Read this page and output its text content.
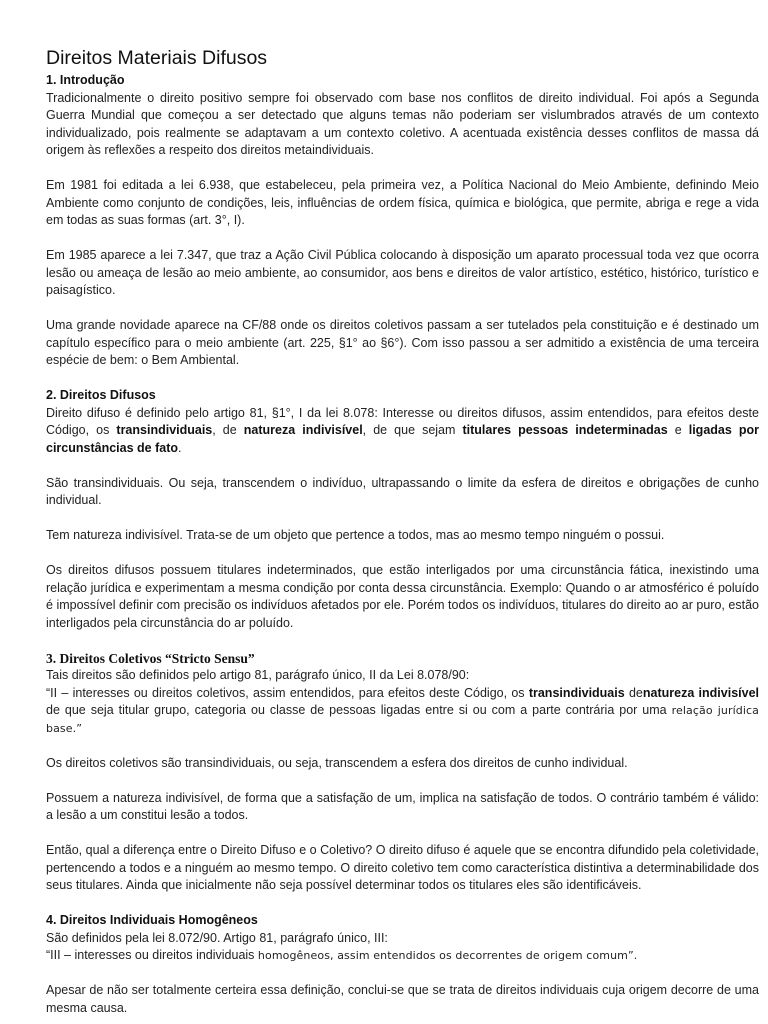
Direitos Materiais Difusos
1. Introdução

Tradicionalmente o direito positivo sempre foi observado com base nos conflitos de direito individual. Foi após a Segunda Guerra Mundial que começou a ser detectado que alguns temas não poderiam ser vislumbrados através de um contexto individualizado, pois realmente se adaptavam a um contexto coletivo. A acentuada existência desses conflitos de massa dá origem às reflexões a respeito dos direitos metaindividuais.

Em 1981 foi editada a lei 6.938, que estabeleceu, pela primeira vez, a Política Nacional do Meio Ambiente, definindo Meio Ambiente como conjunto de condições, leis, influências de ordem física, química e biológica, que permite, abriga e rege a vida em todas as suas formas (art. 3°, I).

Em 1985 aparece a lei 7.347, que traz a Ação Civil Pública colocando à disposição um aparato processual toda vez que ocorra lesão ou ameaça de lesão ao meio ambiente, ao consumidor, aos bens e direitos de valor artístico, estético, histórico, turístico e paisagístico.

Uma grande novidade aparece na CF/88 onde os direitos coletivos passam a ser tutelados pela constituição e é destinado um capítulo específico para o meio ambiente (art. 225, §1° ao §6°). Com isso passou a ser admitido a existência de uma terceira espécie de bem: o Bem Ambiental.

2. Direitos Difusos

Direito difuso é definido pelo artigo 81, §1°, I da lei 8.078: Interesse ou direitos difusos, assim entendidos, para efeitos deste Código, os transindividuais, de natureza indivisível, de que sejam titulares pessoas indeterminadas e ligadas por circunstâncias de fato.

São transindividuais. Ou seja, transcendem o indivíduo, ultrapassando o limite da esfera de direitos e obrigações de cunho individual.

Tem natureza indivisível. Trata-se de um objeto que pertence a todos, mas ao mesmo tempo ninguém o possui.

Os direitos difusos possuem titulares indeterminados, que estão interligados por uma circunstância fática, inexistindo uma relação jurídica e experimentam a mesma condição por conta dessa circunstância. Exemplo: Quando o ar atmosférico é poluído é impossível definir com precisão os indivíduos afetados por ele. Porém todos os indivíduos, titulares do direito ao ar puro, estão interligados pela circunstância do ar poluído.

3. Direitos Coletivos “Stricto Sensu”

Tais direitos são definidos pelo artigo 81, parágrafo único, II da Lei 8.078/90:

“II – interesses ou direitos coletivos, assim entendidos, para efeitos deste Código, os transindividuais denatureza indivisível de que seja titular grupo, categoria ou classe de pessoas ligadas entre si ou com a parte contrária por uma relação jurídica base.”

Os direitos coletivos são transindividuais, ou seja, transcendem a esfera dos direitos de cunho individual.

Possuem a natureza indivisível, de forma que a satisfação de um, implica na satisfação de todos. O contrário também é válido: a lesão a um constitui lesão a todos.

Então, qual a diferença entre o Direito Difuso e o Coletivo? O direito difuso é aquele que se encontra difundido pela coletividade, pertencendo a todos e a ninguém ao mesmo tempo. O direito coletivo tem como característica distintiva a determinabilidade dos seus titulares. Ainda que inicialmente não seja possível determinar todos os titulares eles são identificáveis.

4. Direitos Individuais Homogêneos

São definidos pela lei 8.072/90. Artigo 81, parágrafo único, III:

“III – interesses ou direitos individuais homogêneos, assim entendidos os decorrentes de origem comum”.

Apesar de não ser totalmente certeira essa definição, conclui-se que se trata de direitos individuais cuja origem decorre de uma mesma causa.
